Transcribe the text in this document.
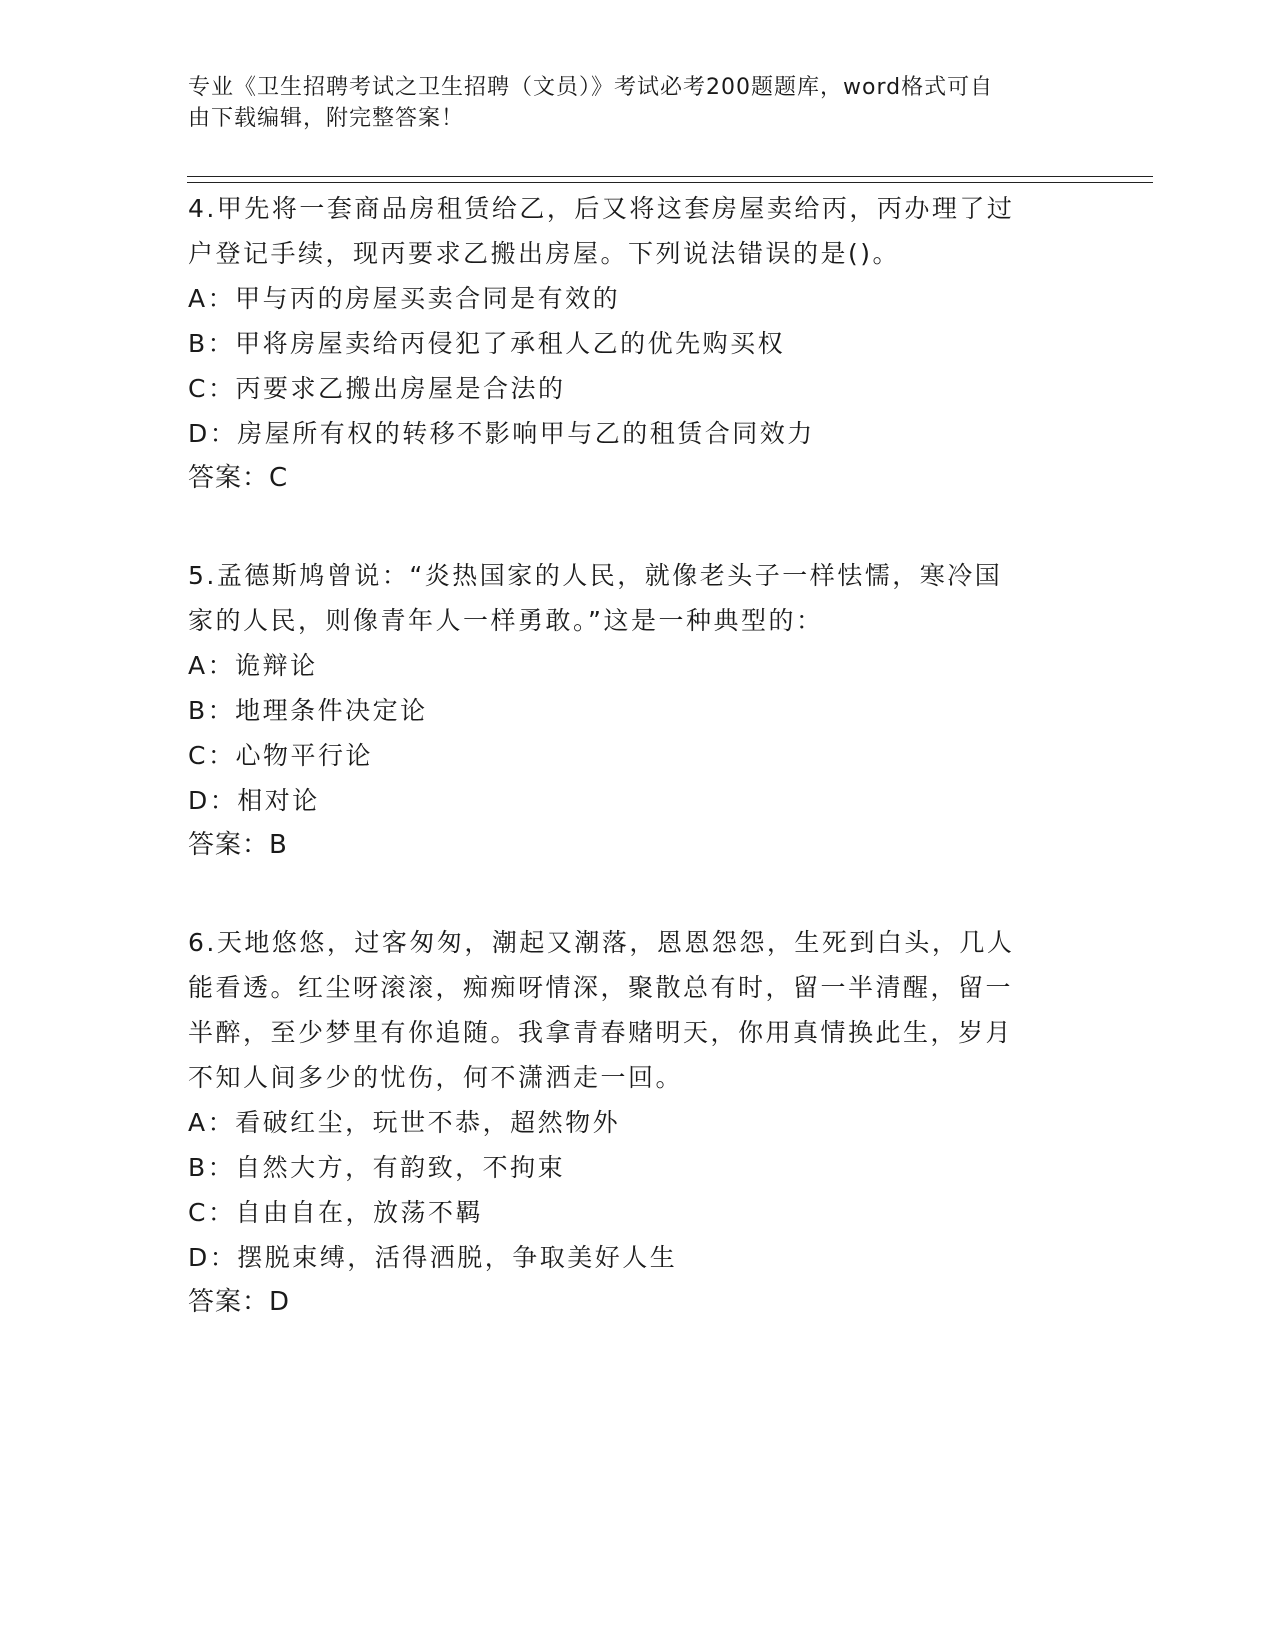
专业《卫生招聘考试之卫生招聘（文员）》考试必考200题题库，word格式可自
由下载编辑，附完整答案！

4.甲先将一套商品房租赁给乙，后又将这套房屋卖给丙，丙办理了过

户登记手续，现丙要求乙搬出房屋。下列说法错误的是()。

A：甲与丙的房屋买卖合同是有效的

B：甲将房屋卖给丙侵犯了承租人乙的优先购买权

C：丙要求乙搬出房屋是合法的

D：房屋所有权的转移不影响甲与乙的租赁合同效力

答案：C

5.孟德斯鸠曾说：“炎热国家的人民，就像老头子一样怯懦，寒冷国

家的人民，则像青年人一样勇敢。”这是一种典型的：

A：诡辩论

B：地理条件决定论

C：心物平行论

D：相对论

答案：B

6.天地悠悠，过客匆匆，潮起又潮落，恩恩怨怨，生死到白头，几人

能看透。红尘呀滚滚，痴痴呀情深，聚散总有时，留一半清醒，留一

半醉，至少梦里有你追随。我拿青春赌明天，你用真情换此生，岁月

不知人间多少的忧伤，何不潇洒走一回。

A：看破红尘，玩世不恭，超然物外

B：自然大方，有韵致，不拘束

C：自由自在，放荡不羁

D：摆脱束缚，活得洒脱，争取美好人生

答案：D
